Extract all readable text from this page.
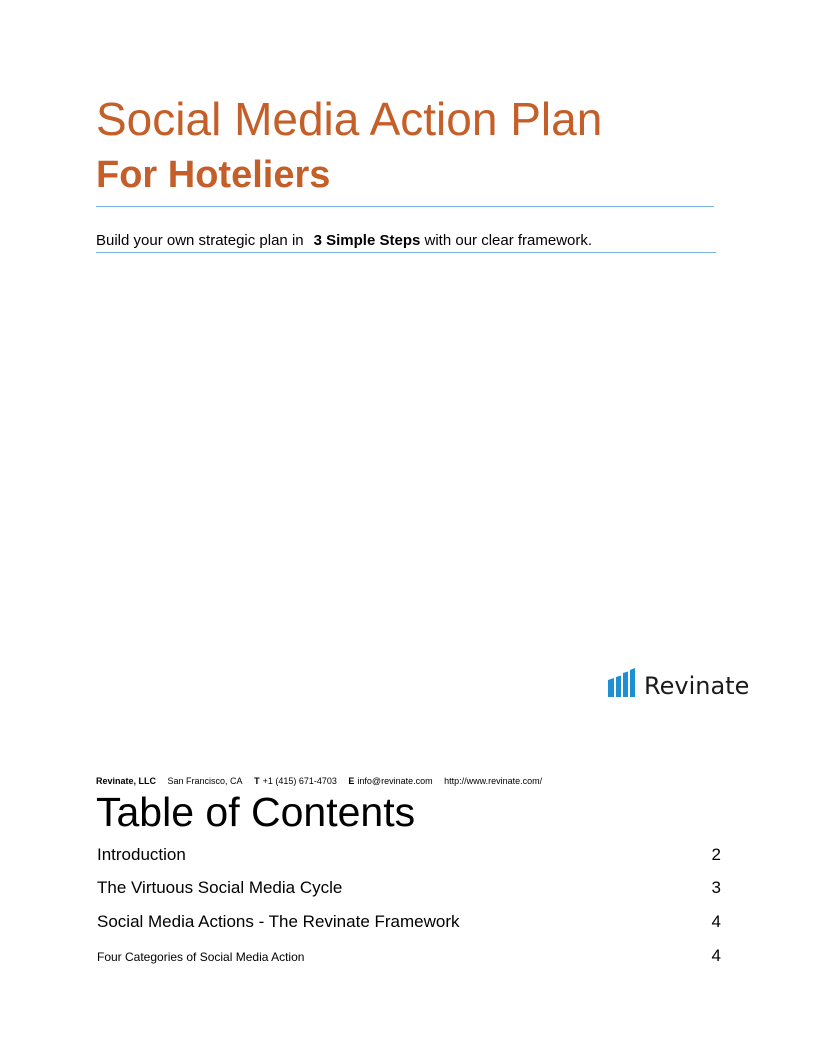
Social Media Action Plan
For Hoteliers
Build your own strategic plan in 3 Simple Steps with our clear framework.
Revinate
Revinate, LLC San Francisco, CA T +1 (415) 671-4703 E info@revinate.com http://www.revinate.com/
Table of Contents
Introduction	2
The Virtuous Social Media Cycle	3
Social Media Actions - The Revinate Framework	4
Four Categories of Social Media Action	4
